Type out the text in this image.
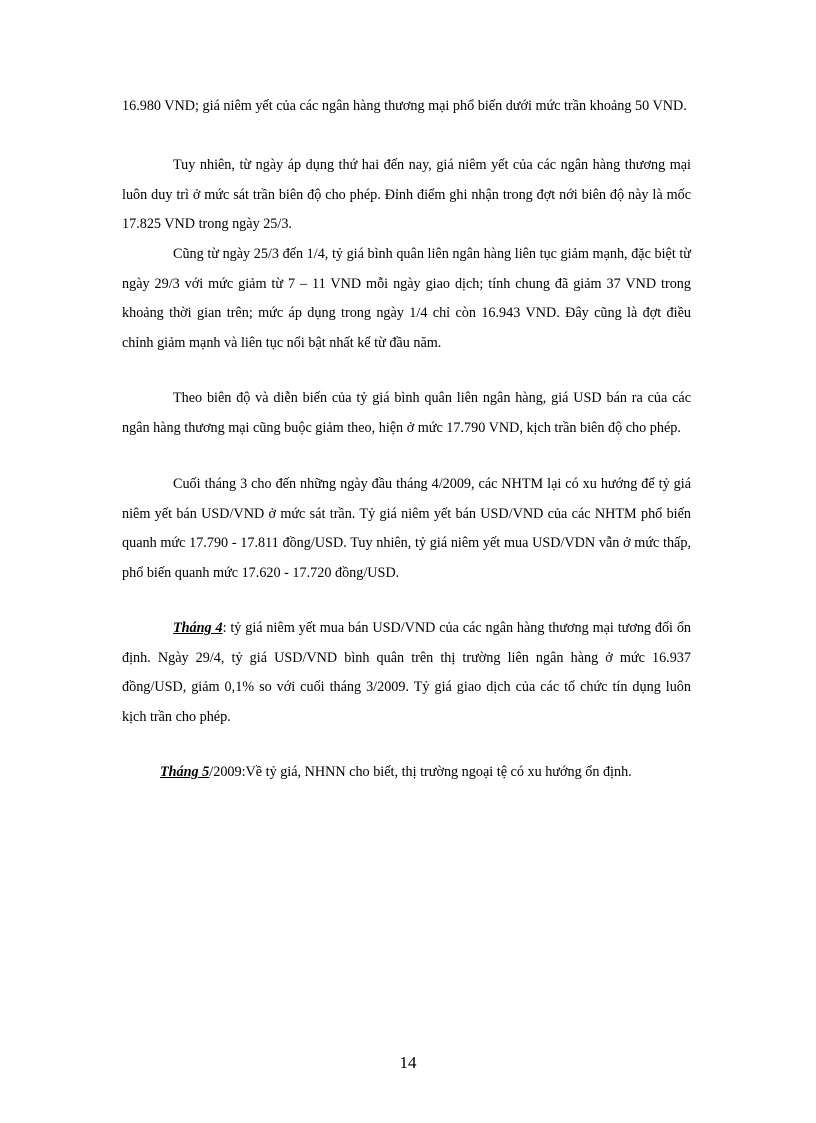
16.980 VND; giá niêm yết của các ngân hàng thương mại phổ biến dưới mức trần khoảng 50 VND.

Tuy nhiên, từ ngày áp dụng thứ hai đến nay, giá niêm yết của các ngân hàng thương mại luôn duy trì ở mức sát trần biên độ cho phép. Đỉnh điểm ghi nhận trong đợt nới biên độ này là mốc 17.825 VND trong ngày 25/3.

Cũng từ ngày 25/3 đến 1/4, tỷ giá bình quân liên ngân hàng liên tục giảm mạnh, đặc biệt từ ngày 29/3 với mức giảm từ 7 – 11 VND mỗi ngày giao dịch; tính chung đã giảm 37 VND trong khoảng thời gian trên; mức áp dụng trong ngày 1/4 chỉ còn 16.943 VND. Đây cũng là đợt điều chỉnh giảm mạnh và liên tục nổi bật nhất kể từ đầu năm.

Theo biên độ và diễn biến của tỷ giá bình quân liên ngân hàng, giá USD bán ra của các ngân hàng thương mại cũng buộc giảm theo, hiện ở mức 17.790 VND, kịch trần biên độ cho phép.

Cuối tháng 3 cho đến những ngày đầu tháng 4/2009, các NHTM lại có xu hướng để tỷ giá niêm yết bán USD/VND ở mức sát trần. Tỷ giá niêm yết bán USD/VND của các NHTM phổ biến quanh mức 17.790 - 17.811 đồng/USD. Tuy nhiên, tỷ giá niêm yết mua USD/VDN vẫn ở mức thấp, phổ biến quanh mức 17.620 - 17.720 đồng/USD.

Tháng 4: tỷ giá niêm yết mua bán USD/VND của các ngân hàng thương mại tương đối ổn định. Ngày 29/4, tỷ giá USD/VND bình quân trên thị trường liên ngân hàng ở mức 16.937 đồng/USD, giảm 0,1% so với cuối tháng 3/2009. Tỷ giá giao dịch của các tổ chức tín dụng luôn kịch trần cho phép.

Tháng 5/2009:Về tỷ giá, NHNN cho biết, thị trường ngoại tệ có xu hướng ổn định.

14
